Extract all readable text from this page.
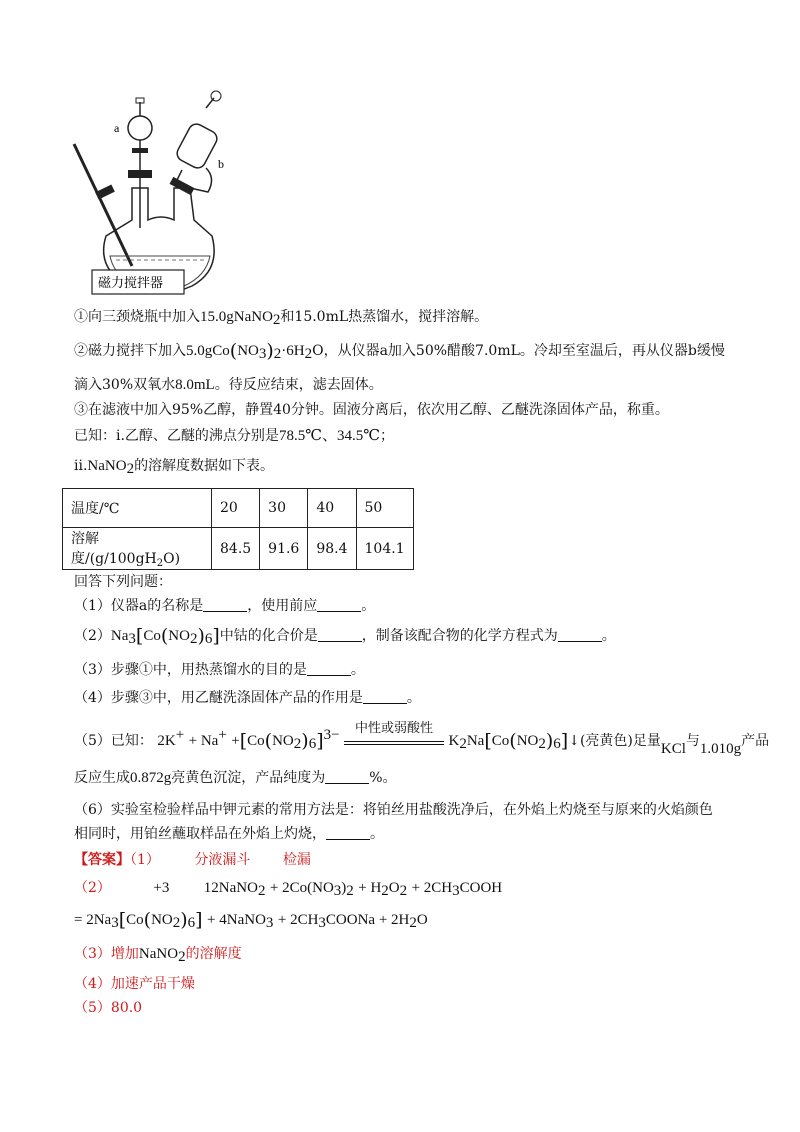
a
b
磁力搅拌器
①向三颈烧瓶中加入15.0gNaNO$_2$和15.0mL热蒸馏水，搅拌溶解。
②磁力搅拌下加入$5.0gCo(NO_3)_2\cdot 6H_2O$，从仪器a加入50%醋酸7.0mL。冷却至室温后，再从仪器b缓慢
滴入30%双氧水8.0mL。待反应结束，滤去固体。
③在滤液中加入95%乙醇，静置40分钟。固液分离后，依次用乙醇、乙醚洗涤固体产品，称重。
已知：i.乙醇、乙醚的沸点分别是78.5℃、34.5℃；
ii.NaNO$_2$的溶解度数据如下表。
温度/℃	20	30	40	50
溶解度$/(g/100gH_2O)$	84.5	91.6	98.4	104.1
回答下列问题：
（1）仪器a的名称是	，使用前应	。
$(2)Na_3[Co(NO_2)_6]$中钴的化合价是	，制备该配合物的化学方程式为	。
（3）步骤①中，用热蒸馏水的目的是	。
（4）步骤③中，用乙醚洗涤固体产品的作用是	。
（5）已知： $2K^+ + Na^+ +[Co(NO_2)_6]^{3-}$	中性或弱酸性
$K_2Na[Co(NO_2)_6]↓$(亮黄色)足量KCl与1.010g产品
反应生成0.872g亮黄色沉淀，产品纯度为	%。
（6）实验室检验样品中钾元素的常用方法是：将铂丝用盐酸洗净后，在外焰上灼烧至与原来的火焰颜色
相同时，用铂丝蘸取样品在外焰上灼烧，	。
【答案】（1） 分液漏斗 检漏
（2）	+3 12NaNO$_2$ + $2Co(NO_3)_2 + H_2O_2$ + $2CH_3COOH$
= $2Na_3[Co(NO_2)_6]$ + 4NaNO$_3$ + $2CH_3COONa + 2H_2O$
（3）增加NaNO$_2$的溶解度
（4）加速产品干燥
（5）80.0
